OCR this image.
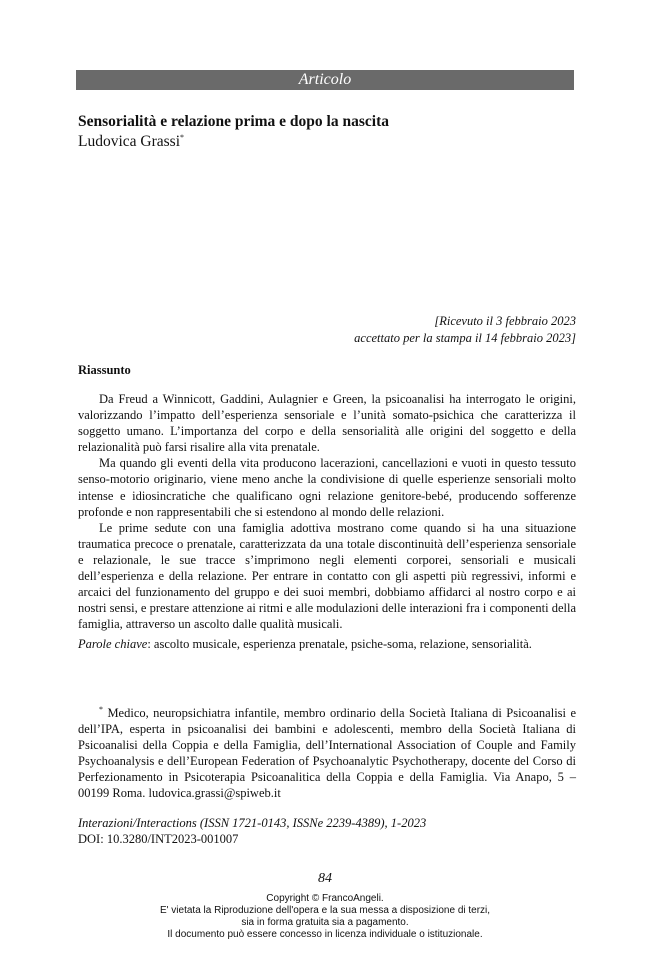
Articolo
Sensorialità e relazione prima e dopo la nascita
Ludovica Grassi*
[Ricevuto il 3 febbraio 2023
accettato per la stampa il 14 febbraio 2023]
Riassunto

Da Freud a Winnicott, Gaddini, Aulagnier e Green, la psicoanalisi ha interrogato le origini, valorizzando l’impatto dell’esperienza sensoriale e l’unità somato-psichica che caratterizza il soggetto umano. L’importanza del corpo e della sensorialità alle origini del soggetto e della relazionalità può farsi risalire alla vita prenatale.

Ma quando gli eventi della vita producono lacerazioni, cancellazioni e vuoti in questo tessuto senso-motorio originario, viene meno anche la condivisione di quelle esperienze sensoriali molto intense e idiosincratiche che qualificano ogni relazione genitore-bebé, producendo sofferenze profonde e non rappresentabili che si estendono al mondo delle relazioni.

Le prime sedute con una famiglia adottiva mostrano come quando si ha una situazione traumatica precoce o prenatale, caratterizzata da una totale discontinuità dell’esperienza sensoriale e relazionale, le sue tracce s’imprimono negli elementi corporei, sensoriali e musicali dell’esperienza e della relazione. Per entrare in contatto con gli aspetti più regressivi, informi e arcaici del funzionamento del gruppo e dei suoi membri, dobbiamo affidarci al nostro corpo e ai nostri sensi, e prestare attenzione ai ritmi e alle modulazioni delle interazioni fra i componenti della famiglia, attraverso un ascolto dalle qualità musicali.

Parole chiave: ascolto musicale, esperienza prenatale, psiche-soma, relazione, sensorialità.

* Medico, neuropsichiatra infantile, membro ordinario della Società Italiana di Psicoanalisi e dell’IPA, esperta in psicoanalisi dei bambini e adolescenti, membro della Società Italiana di Psicoanalisi della Coppia e della Famiglia, dell’International Association of Couple and Family Psychoanalysis e dell’European Federation of Psychoanalytic Psychotherapy, docente del Corso di Perfezionamento in Psicoterapia Psicoanalitica della Coppia e della Famiglia. Via Anapo, 5 – 00199 Roma. ludovica.grassi@spiweb.it

Interazioni/Interactions (ISSN 1721-0143, ISSNe 2239-4389), 1-2023
DOI: 10.3280/INT2023-001007
84
Copyright © FrancoAngeli.
E' vietata la Riproduzione dell'opera e la sua messa a disposizione di terzi,
sia in forma gratuita sia a pagamento.
Il documento può essere concesso in licenza individuale o istituzionale.
